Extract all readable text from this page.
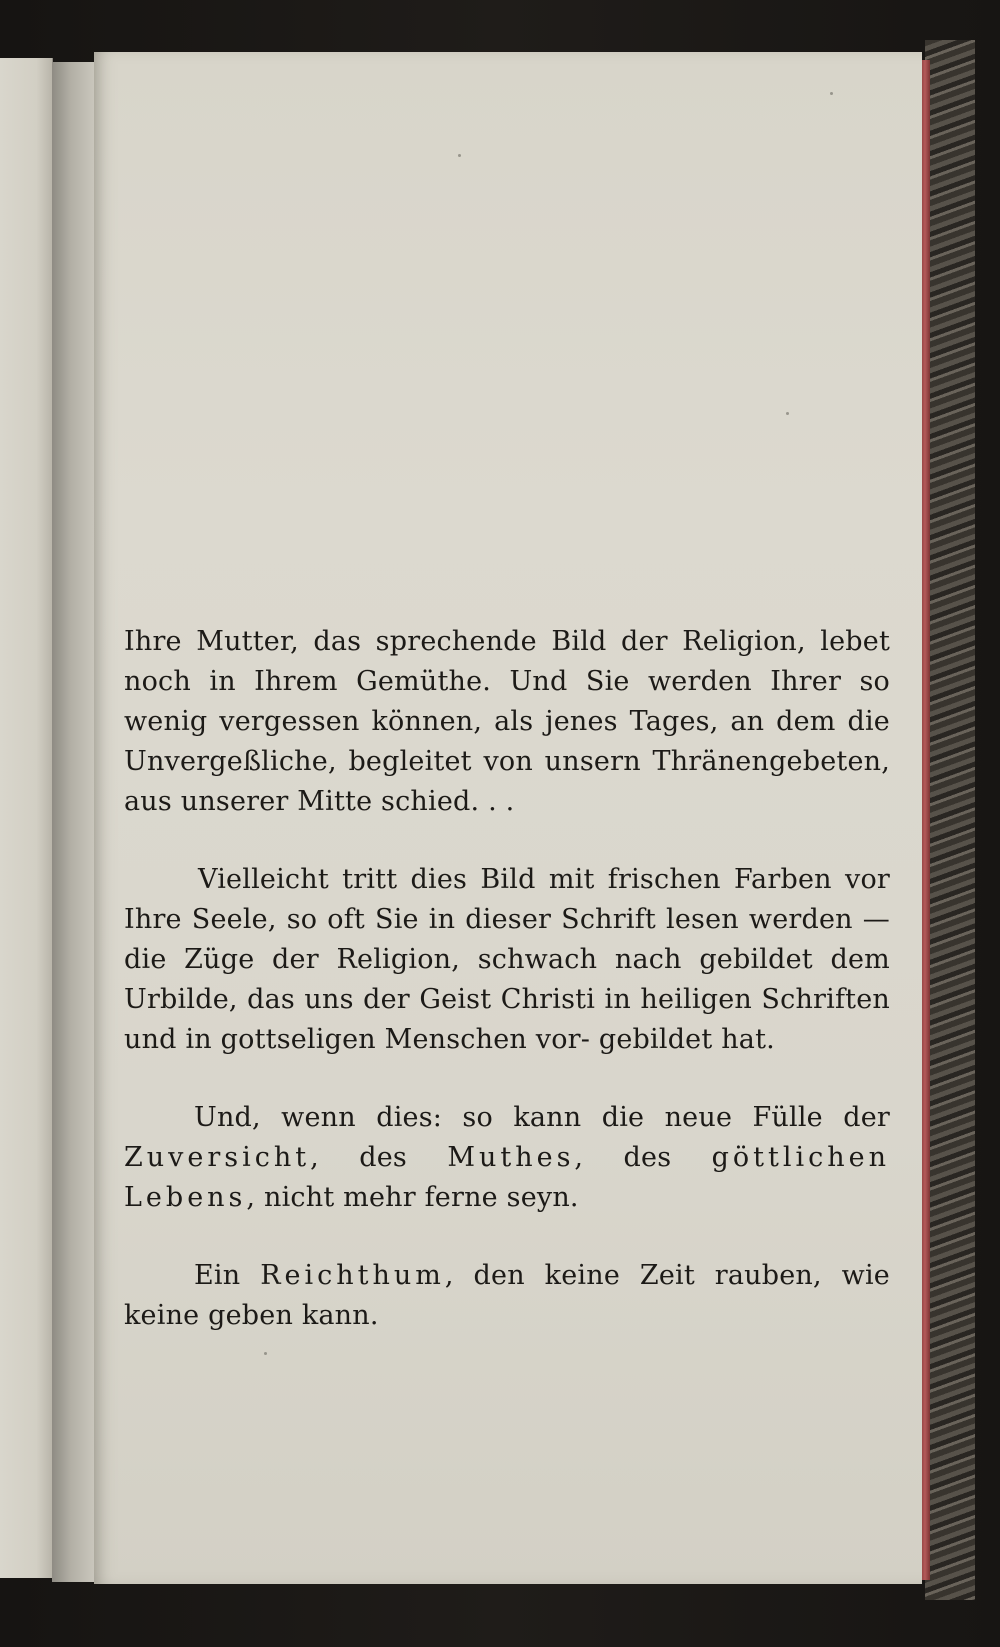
Ihre Mutter, das sprechende Bild der Religion, lebet noch in Ihrem Gemüthe. Und Sie werden Ihrer so wenig vergessen können, als jenes Tages, an dem die Unvergeßliche, begleitet von unsern Thränengebeten, aus unserer Mitte schied. . .

Vielleicht tritt dies Bild mit frischen Farben vor Ihre Seele, so oft Sie in dieser Schrift lesen werden — die Züge der Religion, schwach nach gebildet dem Urbilde, das uns der Geist Christi in heiligen Schriften und in gottseligen Menschen vor- gebildet hat.

Und, wenn dies: so kann die neue Fülle der Zuversicht, des Muthes, des göttlichen Lebens, nicht mehr ferne seyn.

Ein Reichthum, den keine Zeit rauben, wie keine geben kann.
